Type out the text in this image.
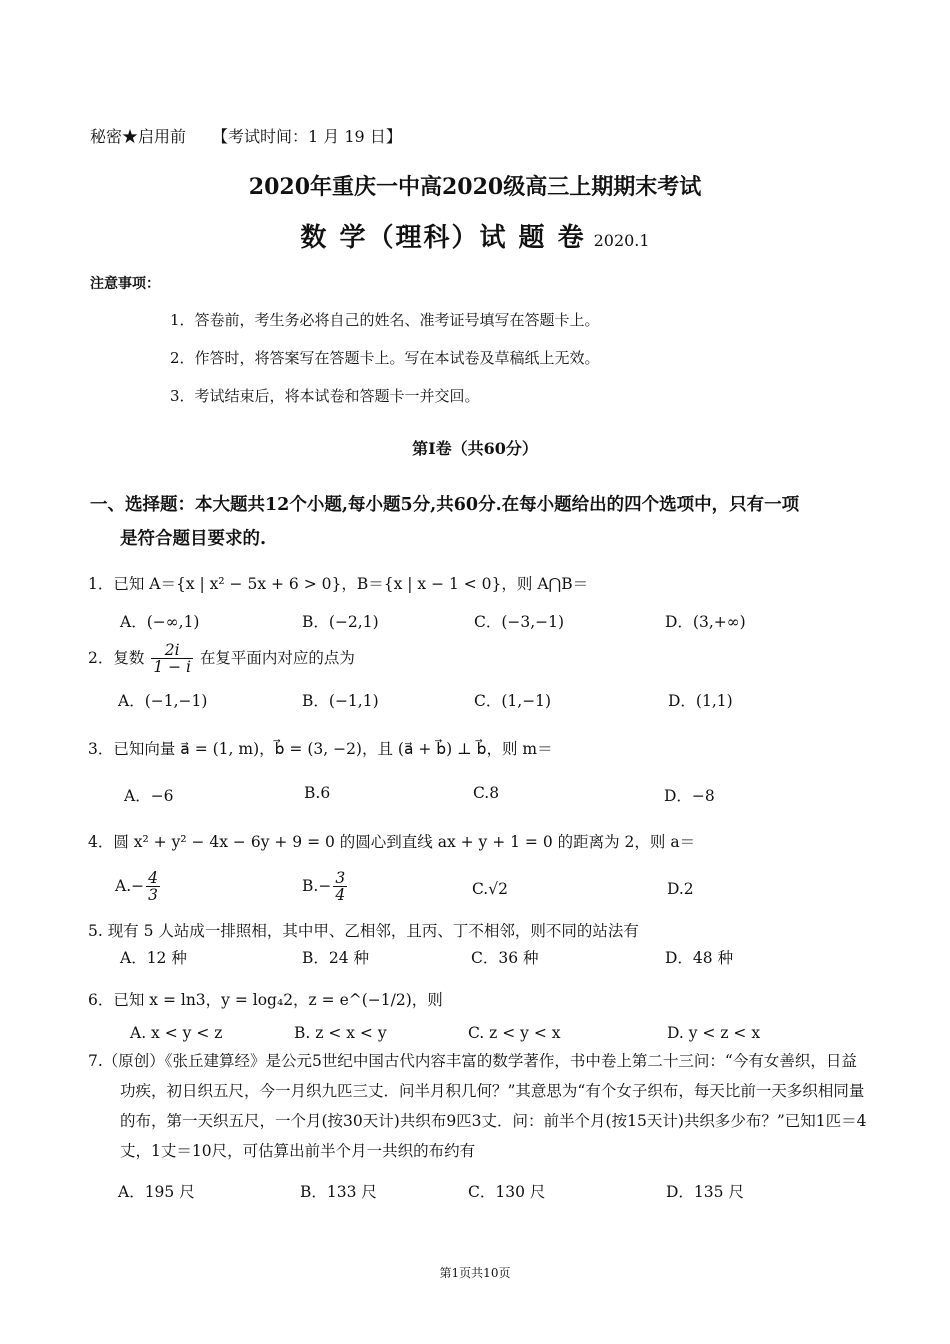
秘密★启用前 【考试时间：1 月 19 日】
2020年重庆一中高2020级高三上期期末考试
数 学（理科）试 题 卷 2020.1
注意事项：
1．答卷前，考生务必将自己的姓名、准考证号填写在答题卡上。
2．作答时，将答案写在答题卡上。写在本试卷及草稿纸上无效。
3．考试结束后，将本试卷和答题卡一并交回。
第Ⅰ卷（共60分）
一、选择题：本大题共12个小题,每小题5分,共60分.在每小题给出的四个选项中，只有一项
是符合题目要求的.
1．已知 A＝{x | x² − 5x + 6 > 0}，B＝{x | x − 1 < 0}，则 A⋂B＝
A．(−∞,1)	B．(−2,1)	C．(−3,−1)	D．(3,+∞)
2．复数 $\frac{2i}{1 - i}$ 在复平面内对应的点为
A．(−1,−1)	B．(−1,1)	C．(1,−1)	D．(1,1)
3．已知向量 a⃗ = (1, m)，b⃗ = (3, −2)，且 (a⃗ + b⃗) ⊥ b⃗，则 m＝
A．−6	B.6	C.8	D．−8
4．圆 x² + y² − 4x − 6y + 9 = 0 的圆心到直线 ax + y + 1 = 0 的距离为 2，则 a＝
$A.- \frac{4}{3}$	$B.- \frac{3}{4}$	C.√2	D.2
5. 现有 5 人站成一排照相，其中甲、乙相邻，且丙、丁不相邻，则不同的站法有
A．12 种	B．24 种	C．36 种	D．48 种
6．已知 x = ln3，y = log₄2，z = e^(−1/2)，则
A. x < y < z	B. z < x < y	C. z < y < x	D. y < z < x
7.（原创）《张丘建算经》是公元5世纪中国古代内容丰富的数学著作，书中卷上第二十三问：“今有女善织，日益功疾，初日织五尺，今一月织九匹三丈．问半月积几何？”其意思为“有个女子织布，每天比前一天多织相同量的布，第一天织五尺，一个月(按30天计)共织布9匹3丈．问：前半个月(按15天计)共织多少布？”已知1匹＝4丈，1丈＝10尺，可估算出前半个月一共织的布约有
A．195 尺	B．133 尺	C．130 尺	D．135 尺
第1页共10页
